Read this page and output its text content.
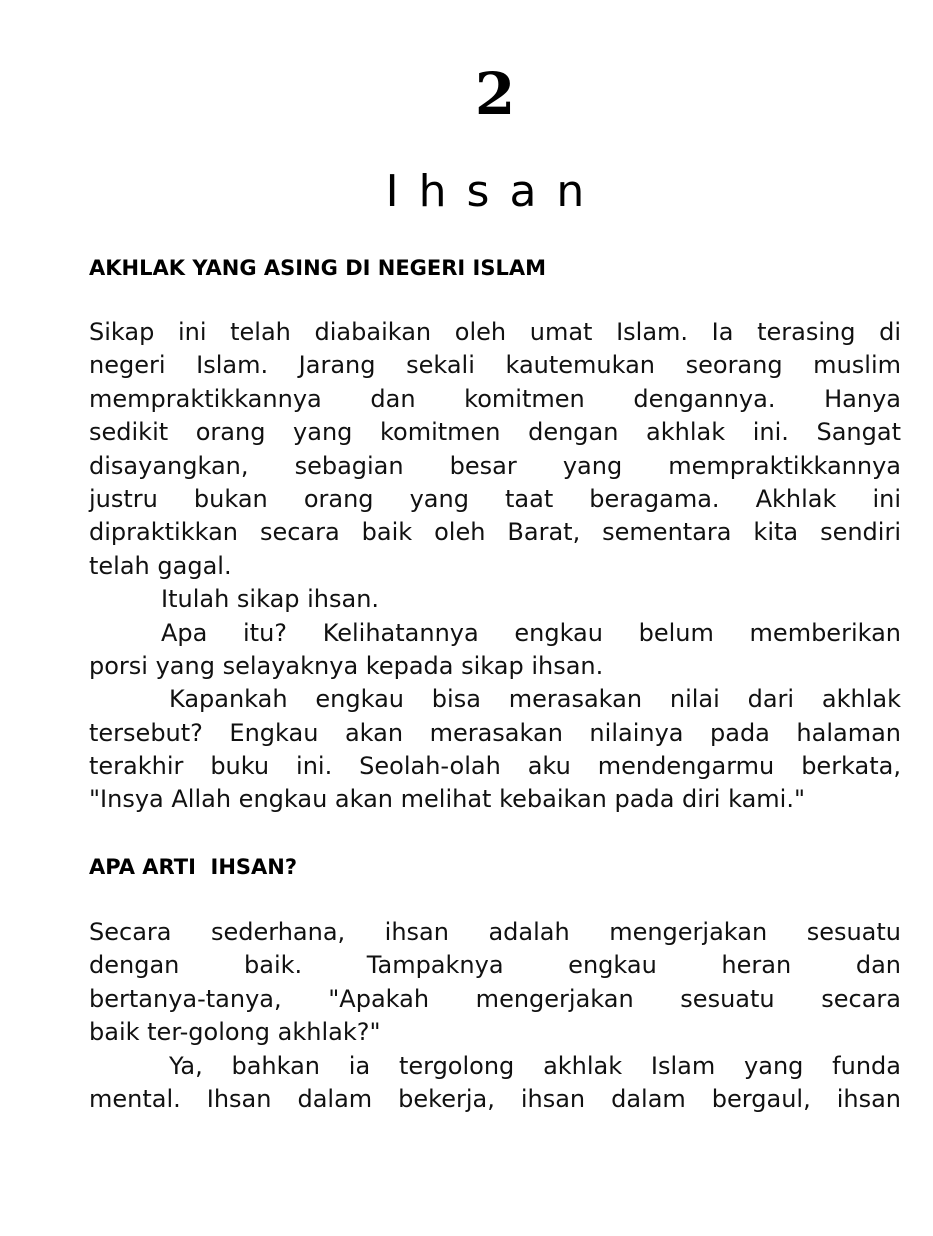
2
Ihsan
AKHLAK YANG ASING DI NEGERI ISLAM
Sikap ini telah diabaikan oleh umat Islam. Ia terasing di
negeri Islam. Jarang sekali kautemukan seorang muslim
mempraktikkannya dan komitmen dengannya. Hanya
sedikit orang yang komitmen dengan akhlak ini. Sangat
disayangkan, sebagian besar yang mempraktikkannya
justru bukan orang yang taat beragama. Akhlak ini
dipraktikkan secara baik oleh Barat, sementara kita sendiri
telah gagal.
Itulah sikap ihsan.
Apa itu? Kelihatannya engkau belum memberikan
porsi yang selayaknya kepada sikap ihsan.
Kapankah engkau bisa merasakan nilai dari akhlak
tersebut? Engkau akan merasakan nilainya pada halaman
terakhir buku ini. Seolah-olah aku mendengarmu berkata,
"Insya Allah engkau akan melihat kebaikan pada diri kami."
APA ARTI  IHSAN?
Secara sederhana, ihsan adalah mengerjakan sesuatu
dengan baik. Tampaknya engkau heran dan
bertanya-tanya, "Apakah mengerjakan sesuatu secara
baik ter-golong akhlak?"
Ya, bahkan ia tergolong akhlak Islam yang funda
mental. Ihsan dalam bekerja, ihsan dalam bergaul, ihsan
